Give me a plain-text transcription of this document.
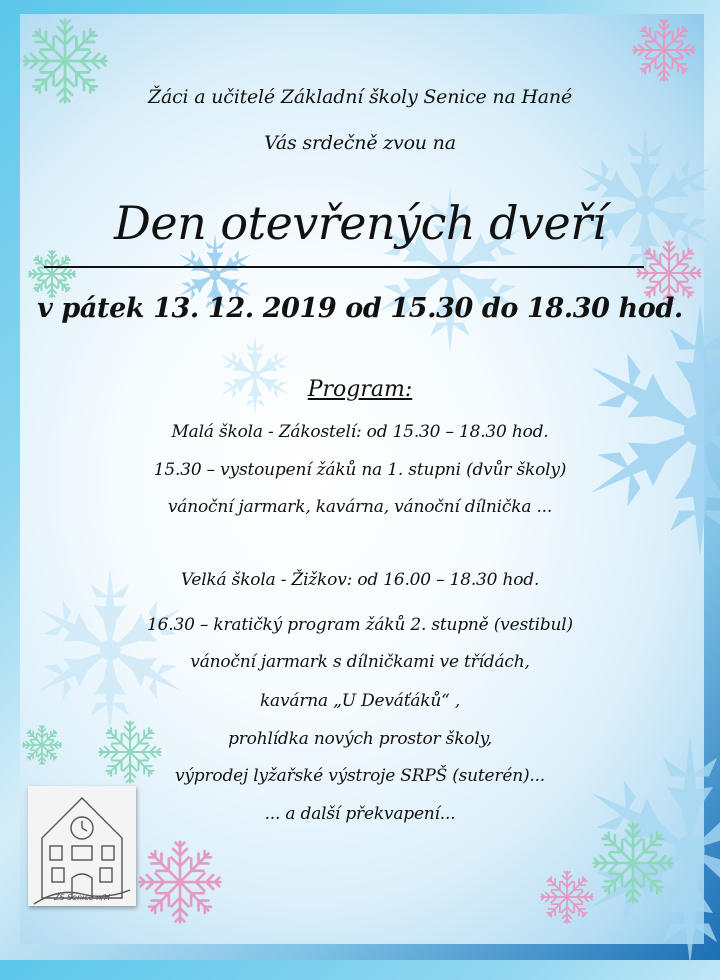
ZŠ Senice n/H
Žáci a učitelé Základní školy Senice na Hané
Vás srdečně zvou na
Den otevřených dveří
v pátek 13. 12. 2019 od 15.30 do 18.30 hod.
Program:
Malá škola - Zákostelí: od 15.30 – 18.30 hod.
15.30 – vystoupení žáků na 1. stupni (dvůr školy)
vánoční jarmark, kavárna, vánoční dílnička ...
Velká škola - Žižkov: od 16.00 – 18.30 hod.
16.30 – kratičký program žáků 2. stupně (vestibul)
vánoční jarmark s dílničkami ve třídách,
kavárna „U Deváťáků“ ,
prohlídka nových prostor školy,
výprodej lyžařské výstroje SRPŠ (suterén)...
... a další překvapení...
